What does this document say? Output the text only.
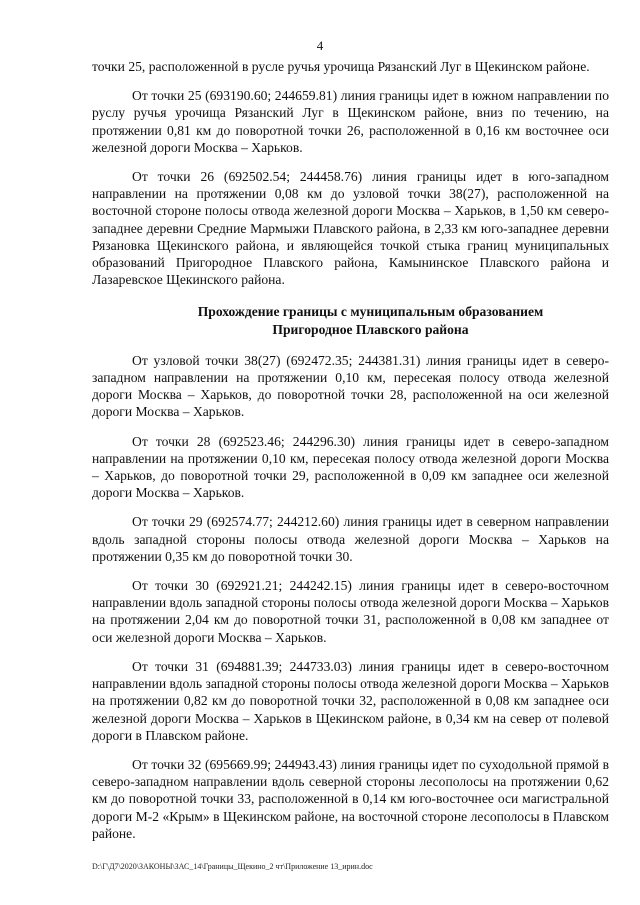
4

точки 25, расположенной в русле ручья урочища Рязанский Луг в Щекинском районе.

От точки 25 (693190.60; 244659.81) линия границы идет в южном направлении по руслу ручья урочища Рязанский Луг в Щекинском районе, вниз по течению, на протяжении 0,81 км до поворотной точки 26, расположенной в 0,16 км восточнее оси железной дороги Москва – Харьков.

От точки 26 (692502.54; 244458.76) линия границы идет в юго-западном направлении на протяжении 0,08 км до узловой точки 38(27), расположенной на восточной стороне полосы отвода железной дороги Москва – Харьков, в 1,50 км северо-западнее деревни Средние Мармыжи Плавского района, в 2,33 км юго-западнее деревни Рязановка Щекинского района, и являющейся точкой стыка границ муниципальных образований Пригородное Плавского района, Камынинское Плавского района и Лазаревское Щекинского района.

Прохождение границы с муниципальным образованием
Пригородное Плавского района

От узловой точки 38(27) (692472.35; 244381.31) линия границы идет в северо-западном направлении на протяжении 0,10 км, пересекая полосу отвода железной дороги Москва – Харьков, до поворотной точки 28, расположенной на оси железной дороги Москва – Харьков.

От точки 28 (692523.46; 244296.30) линия границы идет в северо-западном направлении на протяжении 0,10 км, пересекая полосу отвода железной дороги Москва – Харьков, до поворотной точки 29, расположенной в 0,09 км западнее оси железной дороги Москва – Харьков.

От точки 29 (692574.77; 244212.60) линия границы идет в северном направлении вдоль западной стороны полосы отвода железной дороги Москва – Харьков на протяжении 0,35 км до поворотной точки 30.

От точки 30 (692921.21; 244242.15) линия границы идет в северо-восточном направлении вдоль западной стороны полосы отвода железной дороги Москва – Харьков на протяжении 2,04 км до поворотной точки 31, расположенной в 0,08 км западнее от оси железной дороги Москва – Харьков.

От точки 31 (694881.39; 244733.03) линия границы идет в северо-восточном направлении вдоль западной стороны полосы отвода железной дороги Москва – Харьков на протяжении 0,82 км до поворотной точки 32, расположенной в 0,08 км западнее оси железной дороги Москва – Харьков в Щекинском районе, в 0,34 км на север от полевой дороги в Плавском районе.

От точки 32 (695669.99; 244943.43) линия границы идет по суходольной прямой в северо-западном направлении вдоль северной стороны лесополосы на протяжении 0,62 км до поворотной точки 33, расположенной в 0,14 км юго-восточнее оси магистральной дороги М-2 «Крым» в Щекинском районе, на восточной стороне лесополосы в Плавском районе.

D:\Г\Д7\2020\ЗАКОНЫ\ЗАС_14\Границы_Щекино_2 чт\Приложение 13_ирин.doc
